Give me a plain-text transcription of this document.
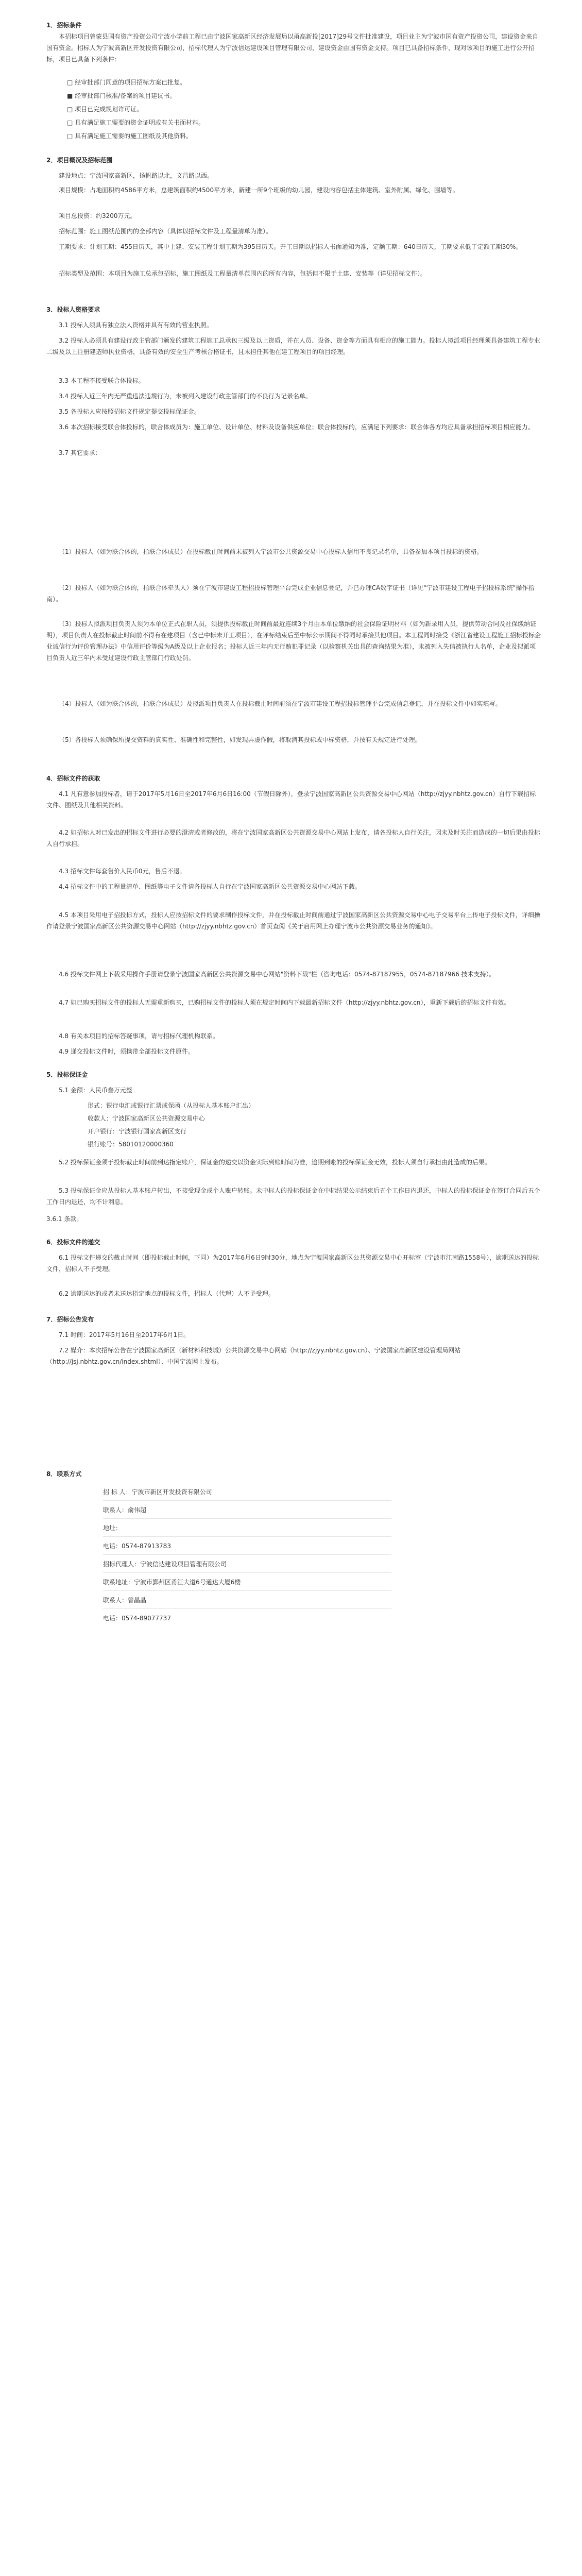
1．招标条件
本招标项目曾蒙县国有资产投资公司宁波小学前工程已由宁波国家高新区经济发展局以甬高新投[2017]29号文件批准建设，项目业主为宁波市国有资产投资公司，建设资金来自国有资金。招标人为宁波高新区开发投资有限公司，招标代理人为宁波信达建设项目管理有限公司，建设资金由国有资金支持。项目已具备招标条件，现对该项目的施工进行公开招标，项目已具备下列条件：
□ 经审批部门同意的项目招标方案已批复。
■ 经审批部门核准/备案的项目建议书。
□ 项目已完成规划许可证。
□ 具有满足施工需要的资金证明或有关书面材料。
□ 具有满足施工需要的施工图纸及其他资料。
2．项目概况及招标范围
建设地点：宁波国家高新区，扬帆路以北，文昌路以西。
项目规模：占地面积约4586平方米，总建筑面积约4500平方米，新建一所9个班级的幼儿园，建设内容包括主体建筑、室外附属、绿化、围墙等。
项目总投资：约3200万元。
招标范围：施工图纸范围内的全部内容（具体以招标文件及工程量清单为准）。
工期要求：计划工期：455日历天，其中土建、安装工程计划工期为395日历天。开工日期以招标人书面通知为准，定额工期：640日历天，工期要求低于定额工期30%。
招标类型及范围：本项目为施工总承包招标，施工图纸及工程量清单范围内的所有内容，包括但不限于土建、安装等（详见招标文件）。
3．投标人资格要求
3.1 投标人须具有独立法人资格并具有有效的营业执照。
3.2 投标人必须具有建设行政主管部门颁发的建筑工程施工总承包三级及以上资质，并在人员、设备、资金等方面具有相应的施工能力。投标人拟派项目经理须具备建筑工程专业二级及以上注册建造师执业资格，具备有效的安全生产考核合格证书，且未担任其他在建工程项目的项目经理。
3.3 本工程不接受联合体投标。
3.4 投标人近三年内无严重违法违规行为，未被列入建设行政主管部门的不良行为记录名单。
3.5 各投标人应按照招标文件规定提交投标保证金。
3.6 本次招标接受联合体投标的，联合体成员为：施工单位、设计单位、材料及设备供应单位；联合体投标的，应满足下列要求：联合体各方均应具备承担招标项目相应能力。
3.7 其它要求：
（1）投标人（如为联合体的，指联合体成员）在投标截止时间前未被列入宁波市公共资源交易中心投标人信用不良记录名单，具备参加本项目投标的资格。
（2）投标人（如为联合体的，指联合体牵头人）须在宁波市建设工程招投标管理平台完成企业信息登记，并已办理CA数字证书（详见"宁波市建设工程电子招投标系统"操作指南）。
（3）投标人拟派项目负责人须为本单位正式在职人员，须提供投标截止时间前最近连续3个月由本单位缴纳的社会保险证明材料（如为新录用人员，提供劳动合同及社保缴纳证明），项目负责人在投标截止时间前不得有在建项目（含已中标未开工项目），在评标结束后至中标公示期间不得同时承接其他项目。本工程同时接受《浙江省建设工程施工招标投标企业诚信行为评价管理办法》中信用评价等级为A级及以上企业报名；投标人近三年内无行贿犯罪记录（以检察机关出具的查询结果为准），未被列入失信被执行人名单，企业及拟派项目负责人近三年内未受过建设行政主管部门行政处罚。
（4）投标人（如为联合体的，指联合体成员）及拟派项目负责人在投标截止时间前须在宁波市建设工程招投标管理平台完成信息登记，并在投标文件中如实填写。
（5）各投标人须确保所提交资料的真实性、准确性和完整性，如发现弄虚作假，将取消其投标或中标资格，并按有关规定进行处理。
4．招标文件的获取
4.1 凡有意参加投标者，请于2017年5月16日至2017年6月6日16:00（节假日除外），登录宁波国家高新区公共资源交易中心网站（http://zjyy.nbhtz.gov.cn）自行下载招标文件、图纸及其他相关资料。
4.2 如招标人对已发出的招标文件进行必要的澄清或者修改的，将在宁波国家高新区公共资源交易中心网站上发布，请各投标人自行关注，因未及时关注而造成的一切后果由投标人自行承担。
4.3 招标文件每套售价人民币0元，售后不退。
4.4 招标文件中的工程量清单、图纸等电子文件请各投标人自行在宁波国家高新区公共资源交易中心网站下载。
4.5 本项目采用电子招投标方式，投标人应按招标文件的要求制作投标文件，并在投标截止时间前通过宁波国家高新区公共资源交易中心电子交易平台上传电子投标文件，详细操作请登录宁波国家高新区公共资源交易中心网站（http://zjyy.nbhtz.gov.cn）首页查阅《关于启用网上办理宁波市公共资源交易业务的通知》。
4.6 投标文件网上下载采用操作手册请登录宁波国家高新区公共资源交易中心网站"资料下载"栏（咨询电话：0574-87187955，0574-87187966 技术支持）。
4.7 如已购买招标文件的投标人无需重新购买，已购招标文件的投标人须在规定时间内下载最新招标文件（http://zjyy.nbhtz.gov.cn），重新下载后的招标文件有效。
4.8 有关本项目的招标答疑事项，请与招标代理机构联系。
4.9 递交投标文件时，须携带全部投标文件原件。
5．投标保证金
5.1 金额：人民币叁万元整
形式：银行电汇或银行汇票或保函（从投标人基本账户汇出）
收款人：宁波国家高新区公共资源交易中心
开户银行：宁波银行国家高新区支行
银行账号：58010120000360
5.2 投标保证金须于投标截止时间前到达指定账户，保证金的递交以资金实际到账时间为准，逾期到账的投标保证金无效，投标人须自行承担由此造成的后果。
5.3 投标保证金应从投标人基本账户转出，不接受现金或个人账户转账。未中标人的投标保证金在中标结果公示结束后五个工作日内退还，中标人的投标保证金在签订合同后五个工作日内退还，均不计利息。
3.6.1 条款。
6．投标文件的递交
6.1 投标文件递交的截止时间（即投标截止时间，下同）为2017年6月6日9时30分，地点为宁波国家高新区公共资源交易中心开标室（宁波市江南路1558号），逾期送达的投标文件，招标人不予受理。
6.2 逾期送达的或者未送达指定地点的投标文件，招标人（代理）人不予受理。
7．招标公告发布
7.1 时间：2017年5月16日至2017年6月1日。
7.2 媒介：本次招标公告在宁波国家高新区（新材料科技城）公共资源交易中心网站（http://zjyy.nbhtz.gov.cn）、宁波国家高新区建设管理局网站（http://jsj.nbhtz.gov.cn/index.shtml）、中国宁波网上发布。
8．联系方式
招 标 人：宁波市新区开发投资有限公司
联系人：俞伟超
地址：
电话：0574-87913783
招标代理人：宁波信达建设项目管理有限公司
联系地址：宁波市鄞州区甬江大道6号通达大厦6楼
联系人：曾晶晶
电话：0574-89077737
